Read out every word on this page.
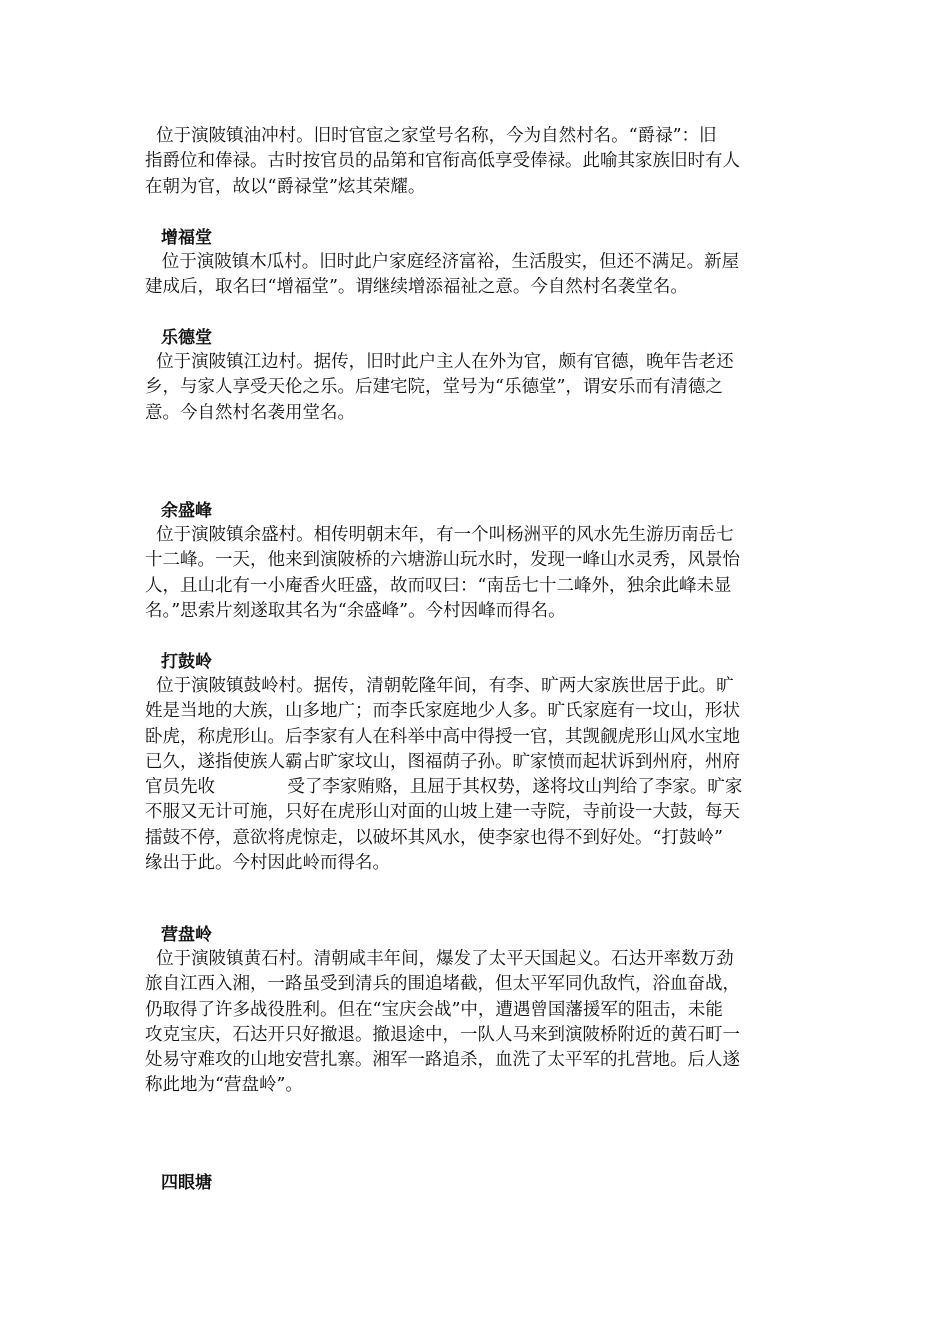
位于演陂镇油冲村。旧时官宦之家堂号名称，今为自然村名。“爵禄”：旧

指爵位和俸禄。古时按官员的品第和官衔高低享受俸禄。此喻其家族旧时有人

在朝为官，故以“爵禄堂”炫其荣耀。

增福堂

位于演陂镇木瓜村。旧时此户家庭经济富裕，生活殷实，但还不满足。新屋

建成后，取名曰“增福堂”。谓继续增添福祉之意。今自然村名袭堂名。

乐德堂

位于演陂镇江边村。据传，旧时此户主人在外为官，颇有官德，晚年告老还

乡，与家人享受天伦之乐。后建宅院，堂号为“乐德堂”，谓安乐而有清德之

意。今自然村名袭用堂名。

余盛峰

位于演陂镇余盛村。相传明朝末年，有一个叫杨洲平的风水先生游历南岳七

十二峰。一天，他来到演陂桥的六塘游山玩水时，发现一峰山水灵秀，风景怡

人，且山北有一小庵香火旺盛，故而叹曰：“南岳七十二峰外，独余此峰未显

名。”思索片刻遂取其名为“余盛峰”。今村因峰而得名。

打鼓岭

位于演陂镇鼓岭村。据传，清朝乾隆年间，有李、旷两大家族世居于此。旷

姓是当地的大族，山多地广；而李氏家庭地少人多。旷氏家庭有一坟山，形状

卧虎，称虎形山。后李家有人在科举中高中得授一官，其觊觎虎形山风水宝地

已久，遂指使族人霸占旷家坟山，图福荫子孙。旷家愤而起状诉到州府，州府

官员先收             受了李家贿赂，且屈于其权势，遂将坟山判给了李家。旷家

不服又无计可施，只好在虎形山对面的山坡上建一寺院，寺前设一大鼓，每天

擂鼓不停，意欲将虎惊走，以破坏其风水，使李家也得不到好处。“打鼓岭”

缘出于此。今村因此岭而得名。

营盘岭

位于演陂镇黄石村。清朝咸丰年间，爆发了太平天国起义。石达开率数万劲

旅自江西入湘，一路虽受到清兵的围追堵截，但太平军同仇敌忾，浴血奋战，

仍取得了许多战役胜利。但在“宝庆会战”中，遭遇曾国藩援军的阻击，未能

攻克宝庆，石达开只好撤退。撤退途中，一队人马来到演陂桥附近的黄石町一

处易守难攻的山地安营扎寨。湘军一路追杀，血洗了太平军的扎营地。后人遂

称此地为“营盘岭”。

四眼塘
